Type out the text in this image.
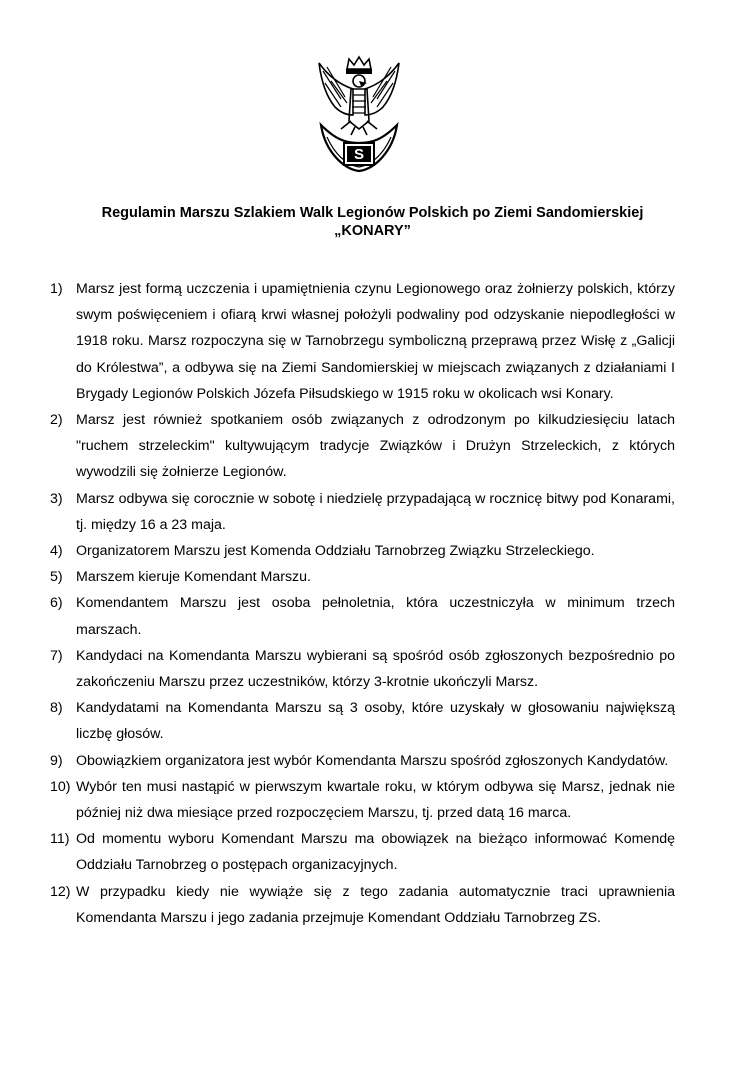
S
Regulamin Marszu Szlakiem Walk Legionów Polskich po Ziemi Sandomierskiej
„KONARY”
1) Marsz jest formą uczczenia i upamiętnienia czynu Legionowego oraz żołnierzy polskich, którzy swym poświęceniem i ofiarą krwi własnej położyli podwaliny pod odzyskanie niepodległości w 1918 roku. Marsz rozpoczyna się w Tarnobrzegu symboliczną przeprawą przez Wisłę z „Galicji do Królestwa”, a odbywa się na Ziemi Sandomierskiej w miejscach związanych z działaniami I Brygady Legionów Polskich Józefa Piłsudskiego w 1915 roku w okolicach wsi Konary.
2) Marsz jest również spotkaniem osób związanych z odrodzonym po kilkudziesięciu latach "ruchem strzeleckim" kultywującym tradycje Związków i Drużyn Strzeleckich, z których wywodzili się żołnierze Legionów.
3) Marsz odbywa się corocznie w sobotę i niedzielę przypadającą w rocznicę bitwy pod Konarami, tj. między 16 a 23 maja.
4) Organizatorem Marszu jest Komenda Oddziału Tarnobrzeg Związku Strzeleckiego.
5) Marszem kieruje Komendant Marszu.
6) Komendantem Marszu jest osoba pełnoletnia, która uczestniczyła w minimum trzech marszach.
7) Kandydaci na Komendanta Marszu wybierani są spośród osób zgłoszonych bezpośrednio po zakończeniu Marszu przez uczestników, którzy 3-krotnie ukończyli Marsz.
8) Kandydatami na Komendanta Marszu są 3 osoby, które uzyskały w głosowaniu największą liczbę głosów.
9) Obowiązkiem organizatora jest wybór Komendanta Marszu spośród zgłoszonych Kandydatów.
10) Wybór ten musi nastąpić w pierwszym kwartale roku, w którym odbywa się Marsz, jednak nie później niż dwa miesiące przed rozpoczęciem Marszu, tj. przed datą 16 marca.
11) Od momentu wyboru Komendant Marszu ma obowiązek na bieżąco informować Komendę Oddziału Tarnobrzeg o postępach organizacyjnych.
12) W przypadku kiedy nie wywiąże się z tego zadania automatycznie traci uprawnienia Komendanta Marszu i jego zadania przejmuje Komendant Oddziału Tarnobrzeg ZS.
